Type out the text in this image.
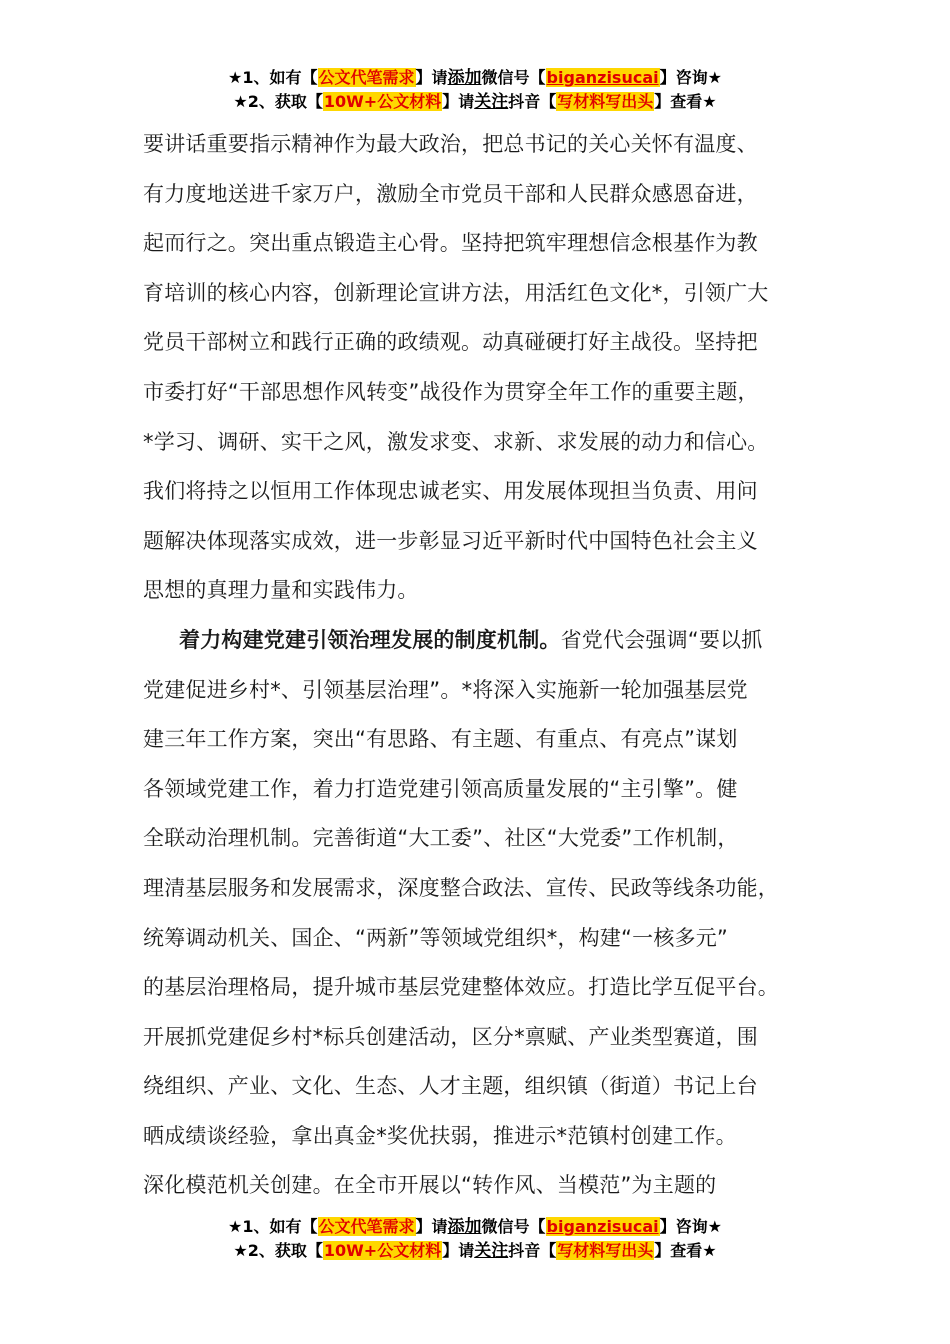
★1、如有【公文代笔需求】请添加微信号【biganzisucai】咨询★
★2、获取【10W+公文材料】请关注抖音【写材料写出头】查看★
要讲话重要指示精神作为最大政治，把总书记的关心关怀有温度、
有力度地送进千家万户，激励全市党员干部和人民群众感恩奋进，
起而行之。突出重点锻造主心骨。坚持把筑牢理想信念根基作为教
育培训的核心内容，创新理论宣讲方法，用活红色文化*，引领广大
党员干部树立和践行正确的政绩观。动真碰硬打好主战役。坚持把
市委打好“干部思想作风转变”战役作为贯穿全年工作的重要主题，
*学习、调研、实干之风，激发求变、求新、求发展的动力和信心。
我们将持之以恒用工作体现忠诚老实、用发展体现担当负责、用问
题解决体现落实成效，进一步彰显习近平新时代中国特色社会主义
思想的真理力量和实践伟力。
着力构建党建引领治理发展的制度机制。省党代会强调“要以抓
党建促进乡村*、引领基层治理”。*将深入实施新一轮加强基层党
建三年工作方案，突出“有思路、有主题、有重点、有亮点”谋划
各领域党建工作，着力打造党建引领高质量发展的“主引擎”。健
全联动治理机制。完善街道“大工委”、社区“大党委”工作机制，
理清基层服务和发展需求，深度整合政法、宣传、民政等线条功能，
统筹调动机关、国企、“两新”等领域党组织*，构建“一核多元”
的基层治理格局，提升城市基层党建整体效应。打造比学互促平台。
开展抓党建促乡村*标兵创建活动，区分*禀赋、产业类型赛道，围
绕组织、产业、文化、生态、人才主题，组织镇（街道）书记上台
晒成绩谈经验，拿出真金*奖优扶弱，推进示*范镇村创建工作。
深化模范机关创建。在全市开展以“转作风、当模范”为主题的
★1、如有【公文代笔需求】请添加微信号【biganzisucai】咨询★
★2、获取【10W+公文材料】请关注抖音【写材料写出头】查看★
